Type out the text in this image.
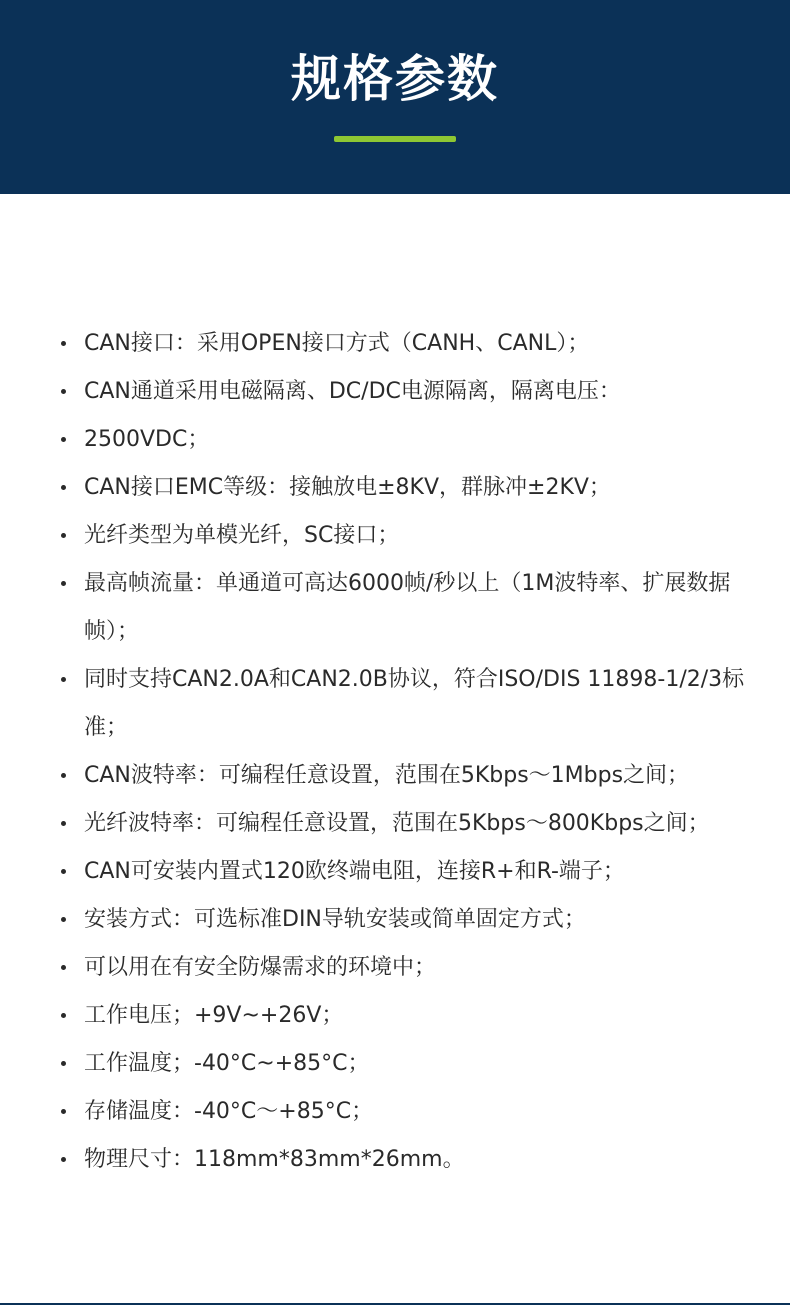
规格参数
CAN接口：采用OPEN接口方式（CANH、CANL）；
CAN通道采用电磁隔离、DC/DC电源隔离，隔离电压：
2500VDC；
CAN接口EMC等级：接触放电±8KV，群脉冲±2KV；
光纤类型为单模光纤，SC接口；
最高帧流量：单通道可高达6000帧/秒以上（1M波特率、扩展数据帧）；
同时支持CAN2.0A和CAN2.0B协议，符合ISO/DIS 11898-1/2/3标准；
CAN波特率：可编程任意设置，范围在5Kbps～1Mbps之间；
光纤波特率：可编程任意设置，范围在5Kbps～800Kbps之间；
CAN可安装内置式120欧终端电阻，连接R+和R-端子；
安装方式：可选标准DIN导轨安装或简单固定方式；
可以用在有安全防爆需求的环境中；
工作电压；+9V~+26V；
工作温度；-40°C~+85°C；
存储温度：-40°C～+85°C；
物理尺寸：118mm*83mm*26mm。
